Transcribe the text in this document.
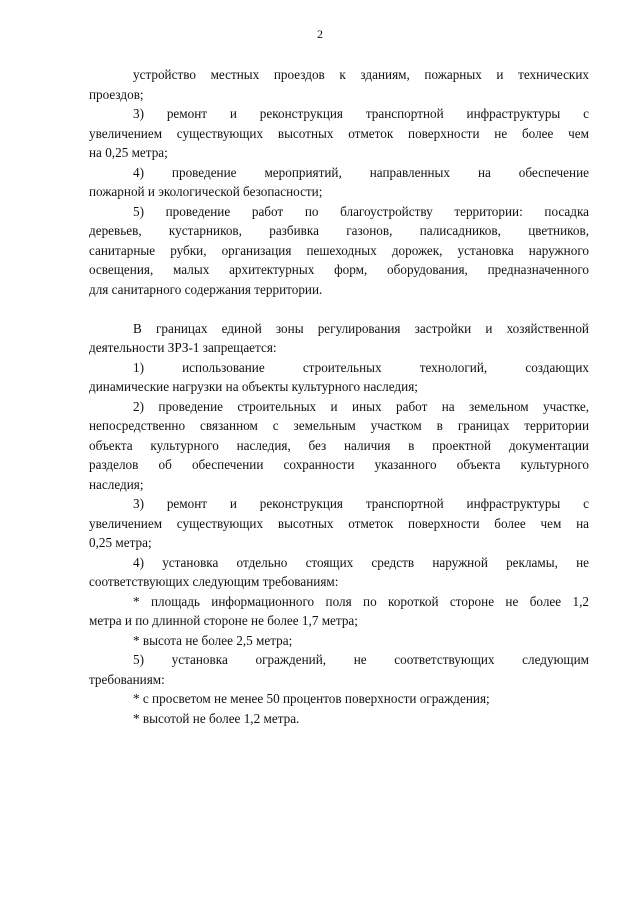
2
устройство местных проездов к зданиям, пожарных и технических
проездов;
3) ремонт и реконструкция транспортной инфраструктуры с
увеличением существующих высотных отметок поверхности не более чем
на 0,25 метра;
4) проведение мероприятий, направленных на обеспечение
пожарной и экологической безопасности;
5) проведение работ по благоустройству территории: посадка
деревьев, кустарников, разбивка газонов, палисадников, цветников,
санитарные рубки, организация пешеходных дорожек, установка наружного
освещения, малых архитектурных форм, оборудования, предназначенного
для санитарного содержания территории.
В границах единой зоны регулирования застройки и хозяйственной
деятельности ЗРЗ-1 запрещается:
1) использование строительных технологий, создающих
динамические нагрузки на объекты культурного наследия;
2) проведение строительных и иных работ на земельном участке,
непосредственно связанном с земельным участком в границах территории
объекта культурного наследия, без наличия в проектной документации
разделов об обеспечении сохранности указанного объекта культурного
наследия;
3) ремонт и реконструкция транспортной инфраструктуры с
увеличением существующих высотных отметок поверхности более чем на
0,25 метра;
4) установка отдельно стоящих средств наружной рекламы, не
соответствующих следующим требованиям:
* площадь информационного поля по короткой стороне не более 1,2
метра и по длинной стороне не более 1,7 метра;
* высота не более 2,5 метра;
5) установка ограждений, не соответствующих следующим
требованиям:
* с просветом не менее 50 процентов поверхности ограждения;
* высотой не более 1,2 метра.
